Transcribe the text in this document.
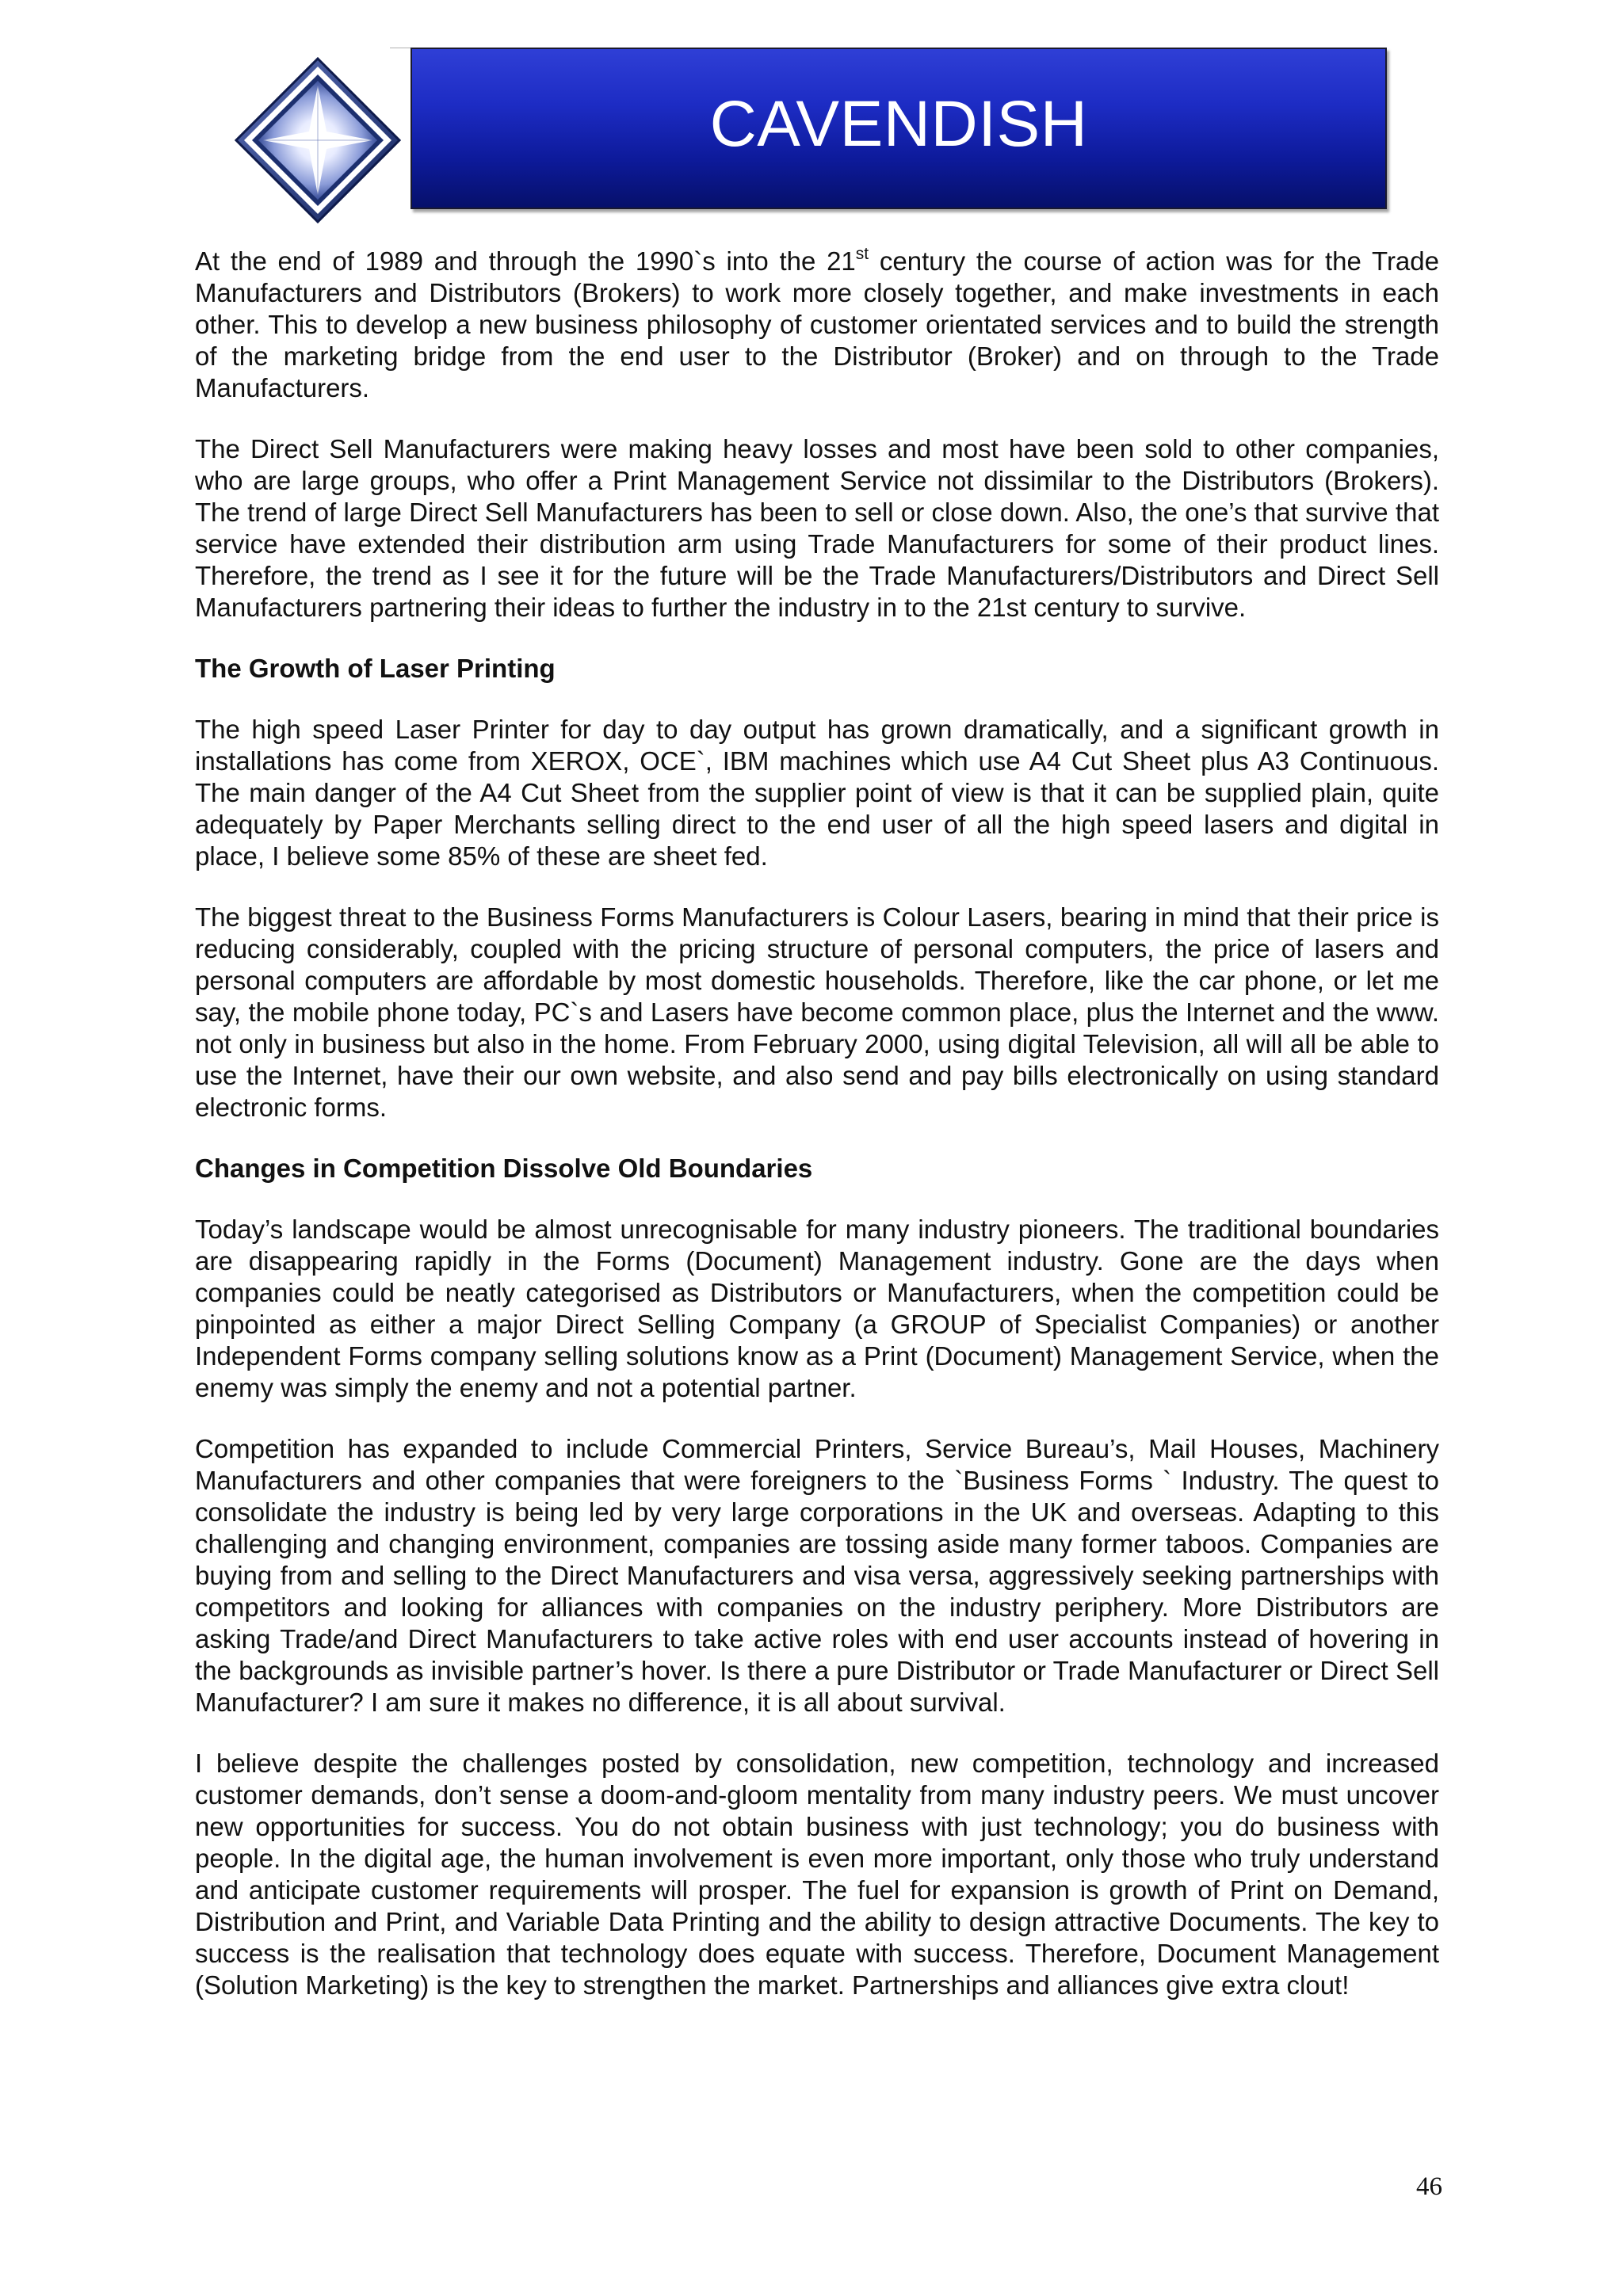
CAVENDISH

At the end of 1989 and through the 1990`s into the 21st century the course of action was for the Trade Manufacturers and Distributors (Brokers) to work more closely together, and make investments in each other. This to develop a new business philosophy of customer orientated services and to build the strength of the marketing bridge from the end user to the Distributor (Broker) and on through to the Trade Manufacturers.

The Direct Sell Manufacturers were making heavy losses and most have been sold to other companies, who are large groups, who offer a Print Management Service not dissimilar to the Distributors (Brokers). The trend of large Direct Sell Manufacturers has been to sell or close down. Also, the one’s that survive that service have extended their distribution arm using Trade Manufacturers for some of their product lines. Therefore, the trend as I see it for the future will be the Trade Manufacturers/Distributors and Direct Sell Manufacturers partnering their ideas to further the industry in to the 21st century to survive.

The Growth of Laser Printing

The high speed Laser Printer for day to day output has grown dramatically, and a significant growth in installations has come from XEROX, OCE`, IBM machines which use A4 Cut Sheet plus A3 Continuous. The main danger of the A4 Cut Sheet from the supplier point of view is that it can be supplied plain, quite adequately by Paper Merchants selling direct to the end user of all the high speed lasers and digital in place, I believe some 85% of these are sheet fed.

The biggest threat to the Business Forms Manufacturers is Colour Lasers, bearing in mind that their price is reducing considerably, coupled with the pricing structure of personal computers, the price of lasers and personal computers are affordable by most domestic households. Therefore, like the car phone, or let me say, the mobile phone today, PC`s and Lasers have become common place, plus the Internet and the www. not only in business but also in the home. From February 2000, using digital Television, all will all be able to use the Internet, have their our own website, and also send and pay bills electronically on using standard electronic forms.

Changes in Competition Dissolve Old Boundaries

Today’s landscape would be almost unrecognisable for many industry pioneers. The traditional boundaries are disappearing rapidly in the Forms (Document) Management industry. Gone are the days when companies could be neatly categorised as Distributors or Manufacturers, when the competition could be pinpointed as either a major Direct Selling Company (a GROUP of Specialist Companies) or another Independent Forms company selling solutions know as a Print (Document) Management Service, when the enemy was simply the enemy and not a potential partner.

Competition has expanded to include Commercial Printers, Service Bureau’s, Mail Houses, Machinery Manufacturers and other companies that were foreigners to the `Business Forms ` Industry. The quest to consolidate the industry is being led by very large corporations in the UK and overseas. Adapting to this challenging and changing environment, companies are tossing aside many former taboos. Companies are buying from and selling to the Direct Manufacturers and visa versa, aggressively seeking partnerships with competitors and looking for alliances with companies on the industry periphery. More Distributors are asking Trade/and Direct Manufacturers to take active roles with end user accounts instead of hovering in the backgrounds as invisible partner’s hover. Is there a pure Distributor or Trade Manufacturer or Direct Sell Manufacturer? I am sure it makes no difference, it is all about survival.

I believe despite the challenges posted by consolidation, new competition, technology and increased customer demands, don’t sense a doom-and-gloom mentality from many industry peers. We must uncover new opportunities for success. You do not obtain business with just technology; you do business with people. In the digital age, the human involvement is even more important, only those who truly understand and anticipate customer requirements will prosper. The fuel for expansion is growth of Print on Demand, Distribution and Print, and Variable Data Printing and the ability to design attractive Documents. The key to success is the realisation that technology does equate with success. Therefore, Document Management (Solution Marketing) is the key to strengthen the market. Partnerships and alliances give extra clout!

46
